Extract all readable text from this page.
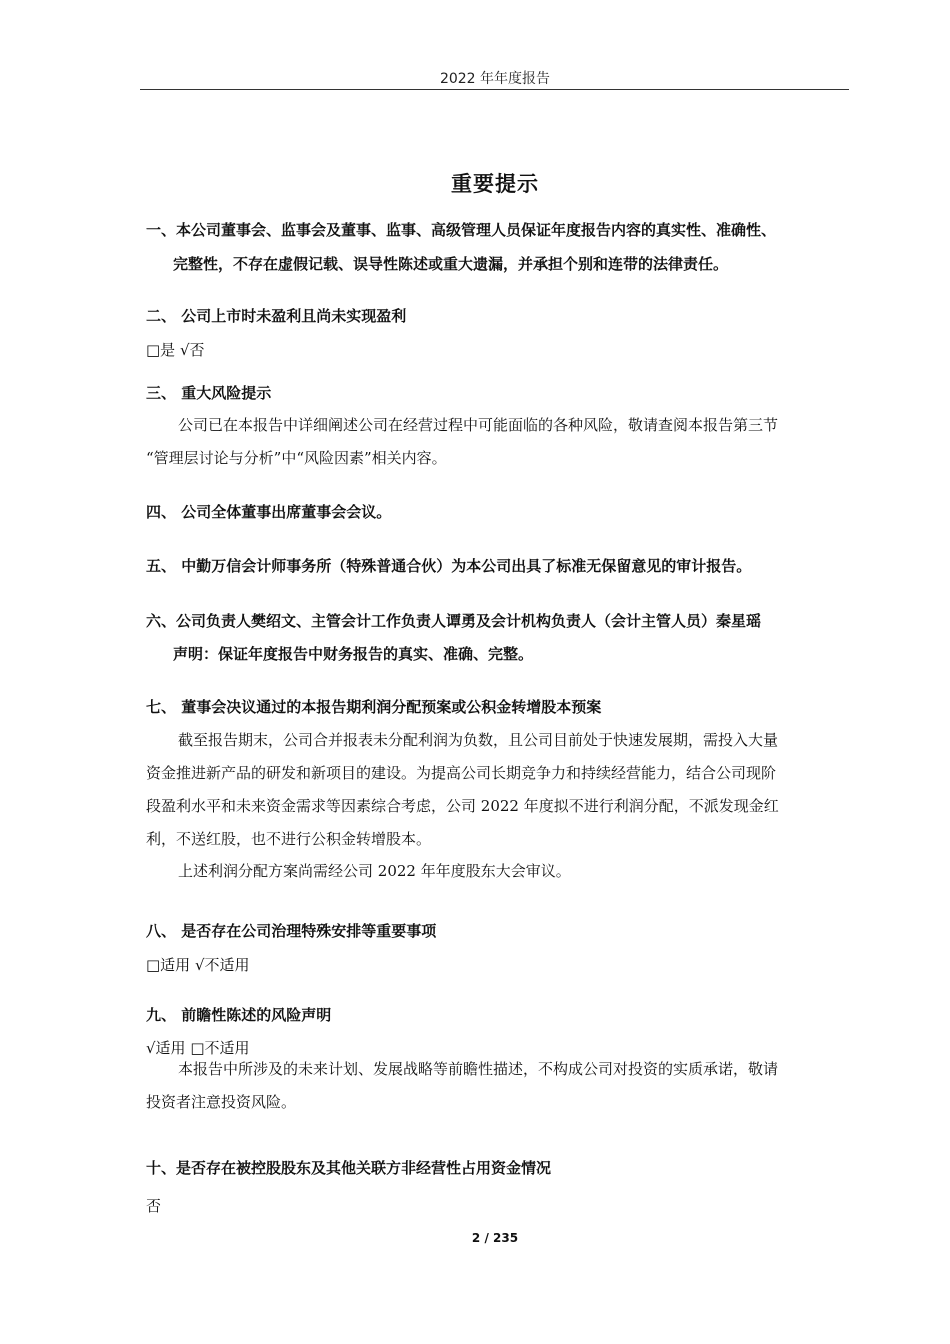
2022 年年度报告
重要提示
一、本公司董事会、监事会及董事、监事、高级管理人员保证年度报告内容的真实性、准确性、
完整性，不存在虚假记载、误导性陈述或重大遗漏，并承担个别和连带的法律责任。
二、 公司上市时未盈利且尚未实现盈利
□是 √否
三、 重大风险提示
公司已在本报告中详细阐述公司在经营过程中可能面临的各种风险，敬请查阅本报告第三节
“管理层讨论与分析”中“风险因素”相关内容。
四、 公司全体董事出席董事会会议。
五、 中勤万信会计师事务所（特殊普通合伙）为本公司出具了标准无保留意见的审计报告。
六、公司负责人樊绍文、主管会计工作负责人谭勇及会计机构负责人（会计主管人员）秦星瑶
声明：保证年度报告中财务报告的真实、准确、完整。
七、 董事会决议通过的本报告期利润分配预案或公积金转增股本预案
截至报告期末，公司合并报表未分配利润为负数，且公司目前处于快速发展期，需投入大量
资金推进新产品的研发和新项目的建设。为提高公司长期竞争力和持续经营能力，结合公司现阶
段盈利水平和未来资金需求等因素综合考虑，公司 2022 年度拟不进行利润分配，不派发现金红
利，不送红股，也不进行公积金转增股本。
上述利润分配方案尚需经公司 2022 年年度股东大会审议。
八、 是否存在公司治理特殊安排等重要事项
□适用 √不适用
九、 前瞻性陈述的风险声明
√适用 □不适用
本报告中所涉及的未来计划、发展战略等前瞻性描述，不构成公司对投资的实质承诺，敬请
投资者注意投资风险。
十、是否存在被控股股东及其他关联方非经营性占用资金情况
否
2 / 235
